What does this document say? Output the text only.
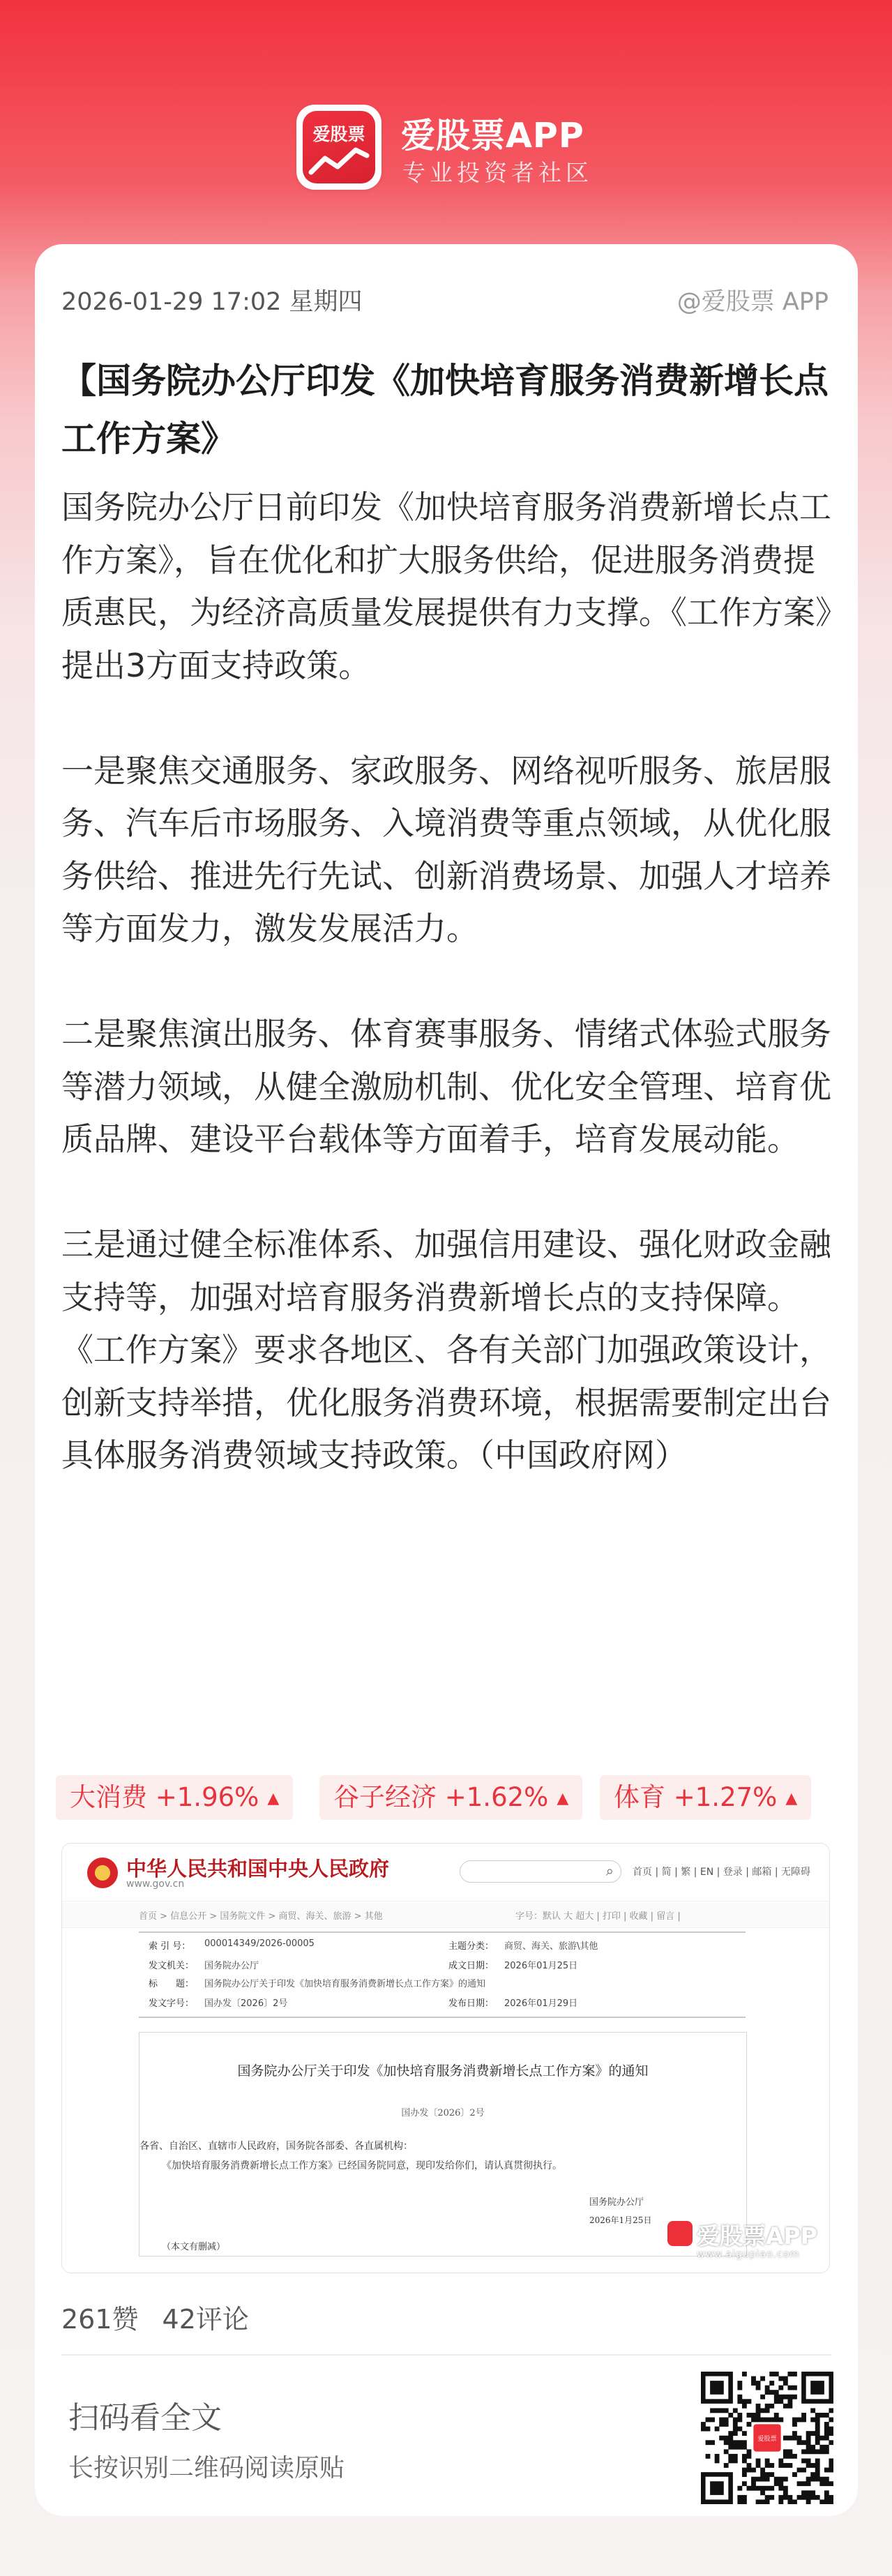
爱股票 爱股票APP
专业投资者社区
2026-01-29 17:02 星期四	@爱股票 APP
【国务院办公厅印发《加快培育服务消费新增长点工作方案》

国务院办公厅日前印发《加快培育服务消费新增长点工作方案》，旨在优化和扩大服务供给，促进服务消费提质惠民，为经济高质量发展提供有力支撑。《工作方案》提出3方面支持政策。

一是聚焦交通服务、家政服务、网络视听服务、旅居服务、汽车后市场服务、入境消费等重点领域，从优化服务供给、推进先行先试、创新消费场景、加强人才培养等方面发力，激发发展活力。

二是聚焦演出服务、体育赛事服务、情绪式体验式服务等潜力领域，从健全激励机制、优化安全管理、培育优质品牌、建设平台载体等方面着手，培育发展动能。

三是通过健全标准体系、加强信用建设、强化财政金融支持等，加强对培育服务消费新增长点的支持保障。《工作方案》要求各地区、各有关部门加强政策设计，创新支持举措，优化服务消费环境，根据需要制定出台具体服务消费领域支持政策。（中国政府网）

大消费 +1.96% ▲	谷子经济 +1.62% ▲	体育 +1.27% ▲
中华人民共和国中央人民政府
www.gov.cn
⌕ 首页 | 简 | 繁 | EN | 登录 | 邮箱 | 无障碍
首页 > 信息公开 > 国务院文件 > 商贸、海关、旅游 > 其他	字号：默认 大 超大 | 打印 | 收藏 | 留言 |
索 引 号：	000014349/2026-00005	主题分类：	商贸、海关、旅游\其他
发文机关：	国务院办公厅	成文日期：	2026年01月25日
标　　题：	国务院办公厅关于印发《加快培育服务消费新增长点工作方案》的通知
发文字号：	国办发〔2026〕2号	发布日期：	2026年01月29日
国务院办公厅关于印发《加快培育服务消费新增长点工作方案》的通知
国办发〔2026〕2号
各省、自治区、直辖市人民政府，国务院各部委、各直属机构：
《加快培育服务消费新增长点工作方案》已经国务院同意，现印发给你们，请认真贯彻执行。
国务院办公厅
2026年1月25日
（本文有删减）	爱股票APP
www.aigupiao.com
261赞 42评论
扫码看全文
长按识别二维码阅读原贴
爱股票
